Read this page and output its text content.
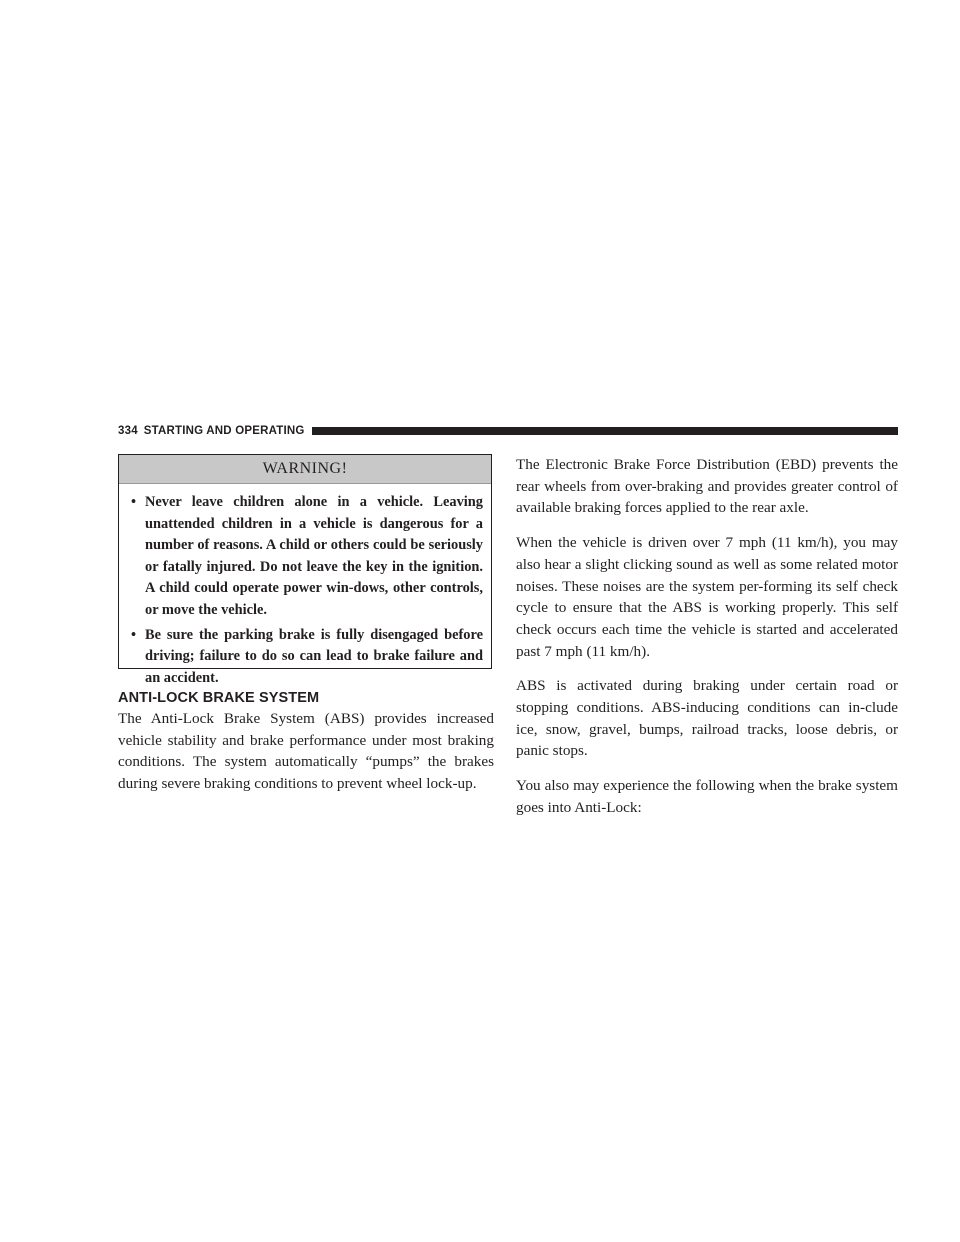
334 STARTING AND OPERATING
WARNING!
• Never leave children alone in a vehicle. Leaving unattended children in a vehicle is dangerous for a number of reasons. A child or others could be seriously or fatally injured. Do not leave the key in the ignition. A child could operate power win-dows, other controls, or move the vehicle.
• Be sure the parking brake is fully disengaged before driving; failure to do so can lead to brake failure and an accident.
ANTI-LOCK BRAKE SYSTEM

The Anti-Lock Brake System (ABS) provides increased vehicle stability and brake performance under most braking conditions. The system automatically “pumps” the brakes during severe braking conditions to prevent wheel lock-up.

The Electronic Brake Force Distribution (EBD) prevents the rear wheels from over-braking and provides greater control of available braking forces applied to the rear axle.

When the vehicle is driven over 7 mph (11 km/h), you may also hear a slight clicking sound as well as some related motor noises. These noises are the system per-forming its self check cycle to ensure that the ABS is working properly. This self check occurs each time the vehicle is started and accelerated past 7 mph (11 km/h).

ABS is activated during braking under certain road or stopping conditions. ABS-inducing conditions can in-clude ice, snow, gravel, bumps, railroad tracks, loose debris, or panic stops.

You also may experience the following when the brake system goes into Anti-Lock:
